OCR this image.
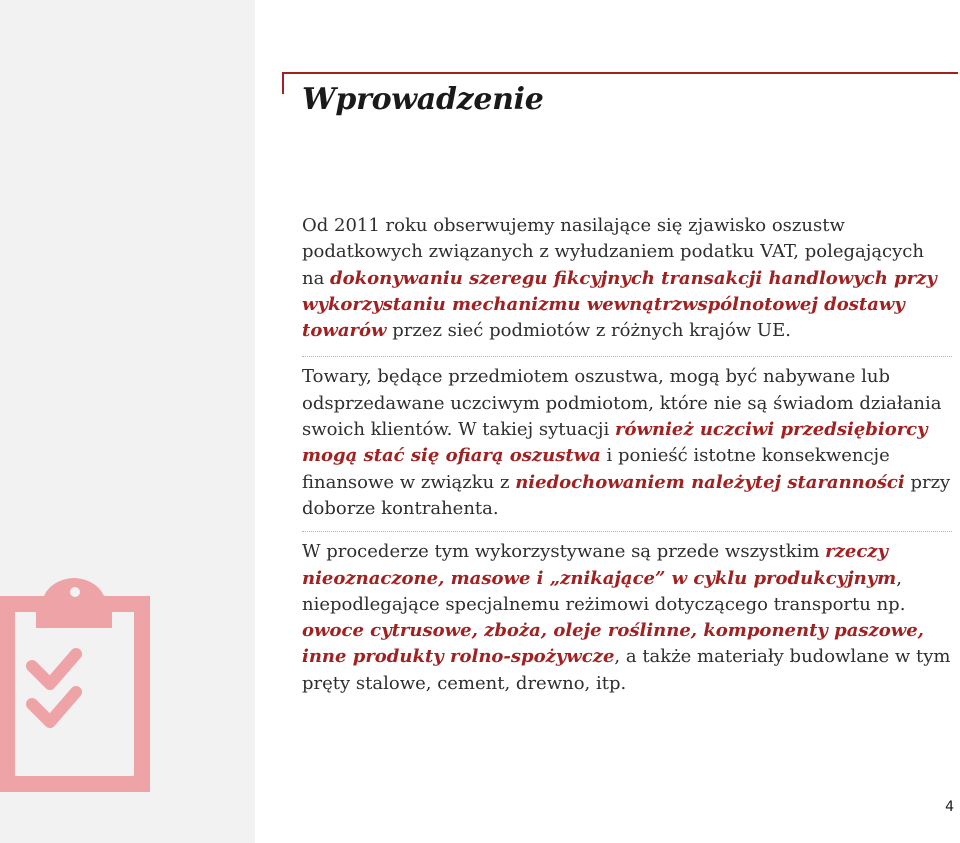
Wprowadzenie

Od 2011 roku obserwujemy nasilające się zjawisko oszustw podatkowych związanych z wyłudzaniem podatku VAT, polegających na dokonywaniu szeregu fikcyjnych transakcji handlowych przy wykorzystaniu mechanizmu wewnątrzwspólnotowej dostawy towarów przez sieć podmiotów z różnych krajów UE.

Towary, będące przedmiotem oszustwa, mogą być nabywane lub odsprzedawane uczciwym podmiotom, które nie są świadom działania swoich klientów. W takiej sytuacji również uczciwi przedsiębiorcy mogą stać się ofiarą oszustwa i ponieść istotne konsekwencje finansowe w związku z niedochowaniem należytej staranności przy doborze kontrahenta.

W procederze tym wykorzystywane są przede wszystkim rzeczy nieoznaczone, masowe i „znikające” w cyklu produkcyjnym, niepodlegające specjalnemu reżimowi dotyczącego transportu np. owoce cytrusowe, zboża, oleje roślinne, komponenty paszowe, inne produkty rolno-spożywcze, a także materiały budowlane w tym pręty stalowe, cement, drewno, itp.

4
